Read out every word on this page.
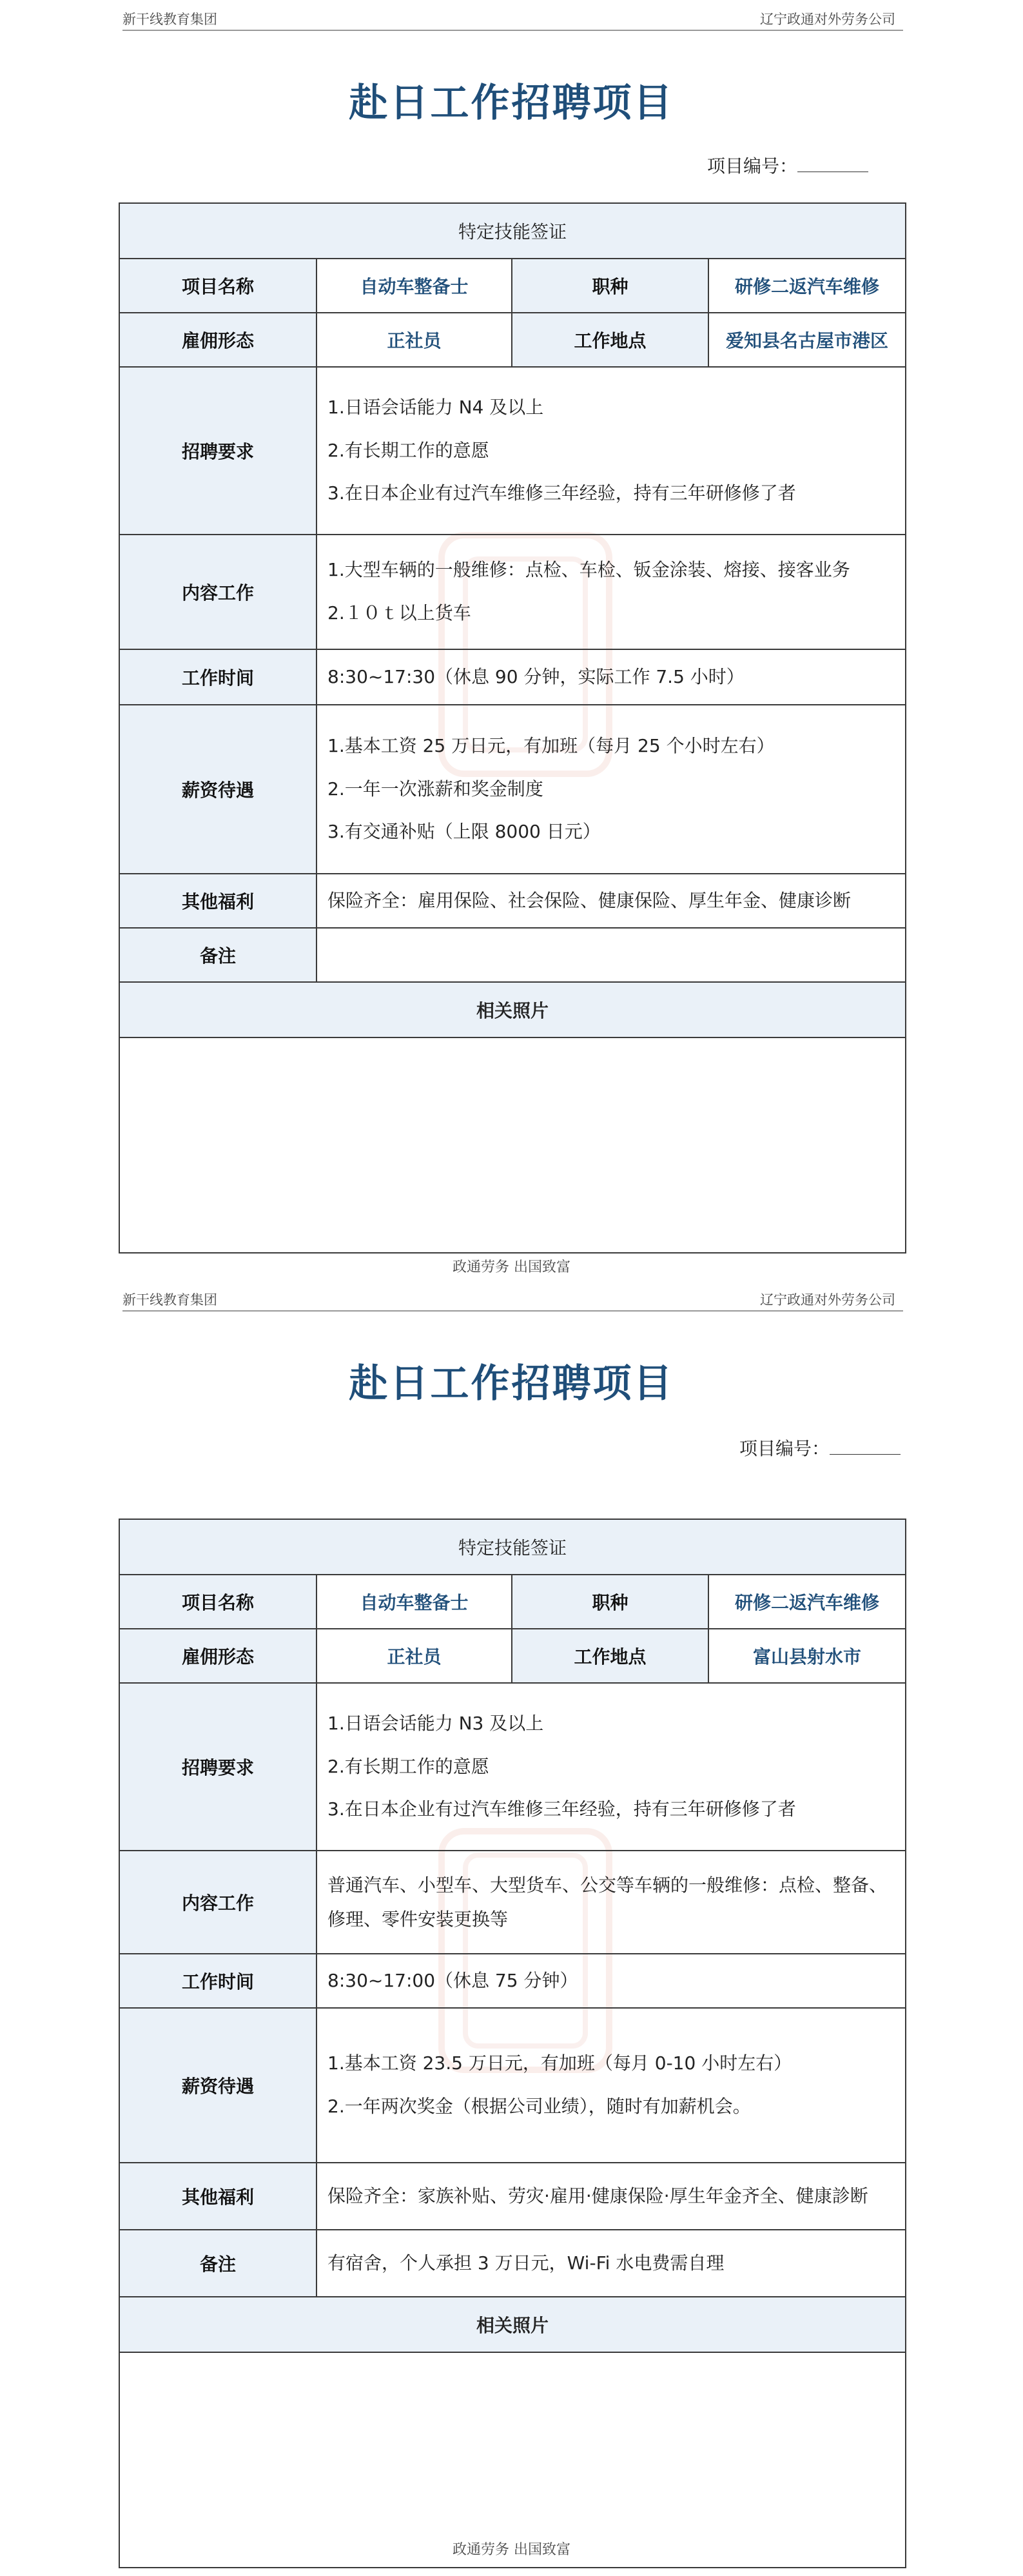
新干线教育集团	辽宁政通对外劳务公司
赴日工作招聘项目
项目编号：
特定技能签证			
项目名称	自动车整备士	职种	研修二返汽车维修
雇佣形态	正社员	工作地点	爱知县名古屋市港区
招聘要求	1.日语会话能力 N4 及以上

2.有长期工作的意愿

3.在日本企业有过汽车维修三年经验，持有三年研修修了者		

内容工作	1.大型车辆的一般维修：点检、车检、钣金涂装、熔接、接客业务

2.１０ｔ以上货车		

工作时间	8:30~17:30（休息 90 分钟，实际工作 7.5 小时）		
薪资待遇	1.基本工资 25 万日元，有加班（每月 25 个小时左右）

2.一年一次涨薪和奖金制度

3.有交通补贴（上限 8000 日元）		

其他福利	保险齐全：雇用保险、社会保险、健康保险、厚生年金、健康诊断		
备注			
相关照片			

政通劳务 出国致富
新干线教育集团	辽宁政通对外劳务公司
赴日工作招聘项目
项目编号：
特定技能签证			
项目名称	自动车整备士	职种	研修二返汽车维修
雇佣形态	正社员	工作地点	富山县射水市
招聘要求	1.日语会话能力 N3 及以上

2.有长期工作的意愿

3.在日本企业有过汽车维修三年经验，持有三年研修修了者		

内容工作	普通汽车、小型车、大型货车、公交等车辆的一般维修：点检、整备、修理、零件安装更换等		

工作时间	8:30~17:00（休息 75 分钟）		
薪资待遇	1.基本工资 23.5 万日元，有加班（每月 0-10 小时左右）

2.一年两次奖金（根据公司业绩），随时有加薪机会。		

其他福利	保险齐全：家族补贴、劳灾·雇用·健康保险·厚生年金齐全、健康診断		
备注	有宿舍，个人承担 3 万日元，Wi-Fi 水电费需自理		
相关照片			

政通劳务 出国致富
